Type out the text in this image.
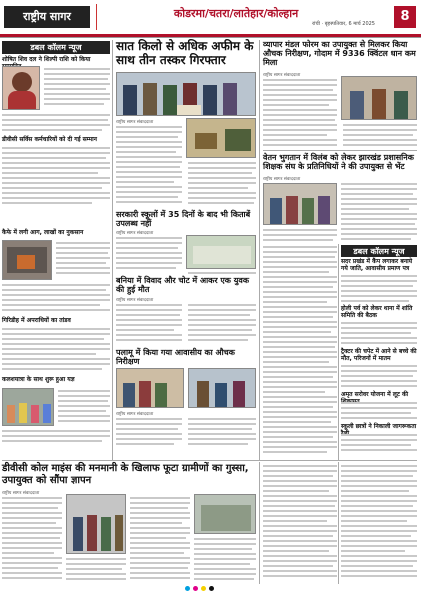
राष्ट्रीय सागर	कोडरमा/चतरा/लातेहार/कोल्हान
रांची · बृहस्पतिवार, 6 मार्च 2025	8
डबल कॉलम न्यूज
शोषित शिव दल ने शिल्पी राशि को किया
डीवीसी सर्विस कर्मचारियों को दी गई सम्मान
कैफे में लगी आग, लाखों का नुकसान
गिरिडीह में अपराधियों का तांडव
कलशयात्रा के साथ शुरू हुआ यज्ञ
सात किलो से अधिक अफीम के साथ तीन तस्कर गिरफ्तार
राष्ट्रीय सागर संवाददाता
सरकारी स्कूलों में 35 दिनों के बाद भी किताबें उपलब्ध नहीं
राष्ट्रीय सागर संवाददाता
बनिया में विवाद और चोट में आकर एक युवक की हुई मौत
राष्ट्रीय सागर संवाददाता
पलामू में किया गया आवासीय का औचक निरीक्षण
राष्ट्रीय सागर संवाददाता
व्यापार मंडल फोरम का उपायुक्त से मिलकर किया औचक निरीक्षण, गोदाम में 9336 क्विंटल धान कम मिला
राष्ट्रीय सागर संवाददाता
वेतन भुगतान में विलंब को लेकर झारखंड प्रशासनिक शिक्षक संघ के प्रतिनिधियों ने की उपायुक्त से भेंट
राष्ट्रीय सागर संवाददाता
डबल कॉलम न्यूज
सदर प्रखंड में कैंप लगाकर बनाये गये जाति, आवासीय प्रमाण पत्र
होली पर्व को लेकर थाना में शांति समिति की बैठक
ट्रैक्टर की चपेट में आने से बच्चे की मौत, परिजनों में मातम
अमृत सरोवर योजना में लूट की
स्कूली छात्रों ने निकाली जागरूकता
डीवीसी कोल माइंस की मनमानी के खिलाफ फूटा ग्रामीणों का गुस्सा, उपायुक्त को सौंपा ज्ञापन
राष्ट्रीय सागर संवाददाता
